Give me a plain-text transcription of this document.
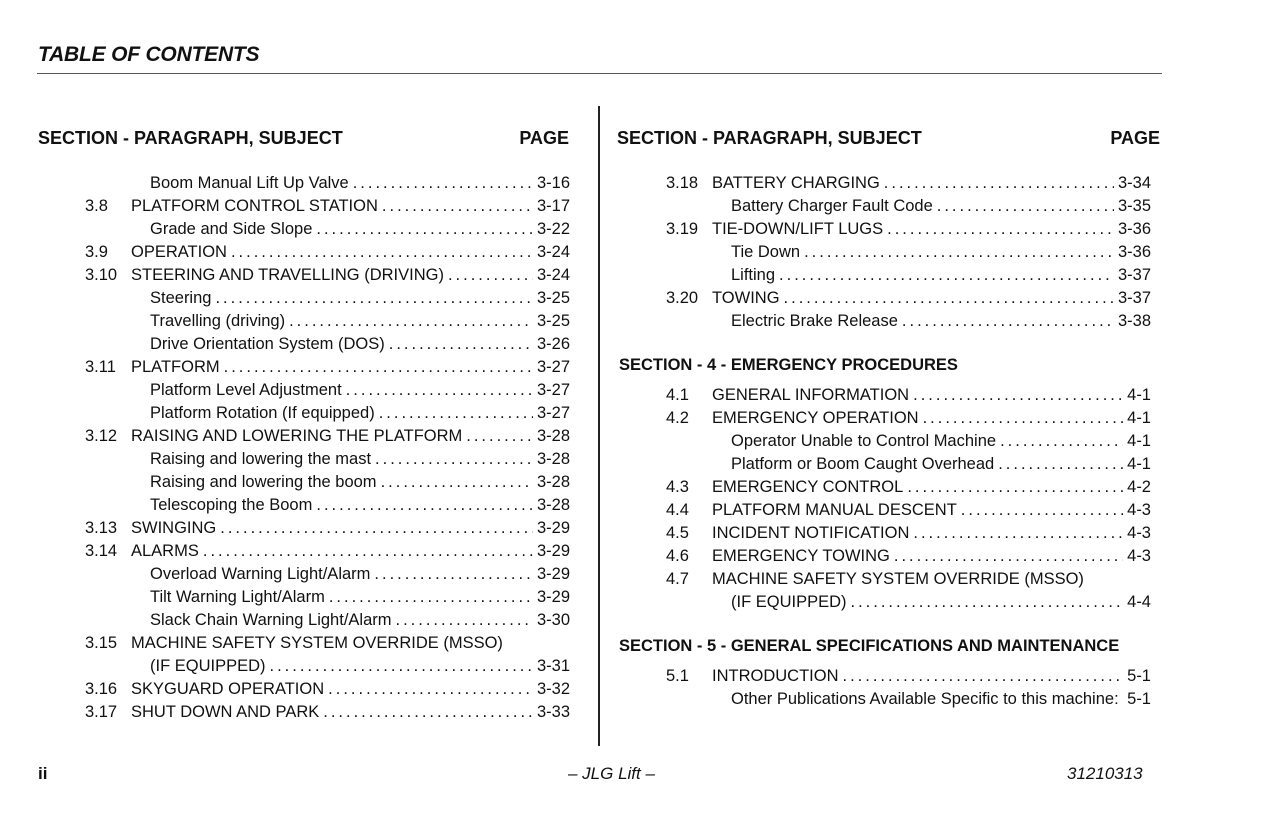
TABLE OF CONTENTS
SECTION - PARAGRAPH, SUBJECT	PAGE	SECTION - PARAGRAPH, SUBJECT	PAGE
Boom Manual Lift Up Valve .....	3-16
3.8 PLATFORM CONTROL STATION .....	3-17
Grade and Side Slope .....	3-22
3.9 OPERATION .....	3-24
3.10 STEERING AND TRAVELLING (DRIVING) .....	3-24
Steering .....	3-25
Travelling (driving) .....	3-25
Drive Orientation System (DOS) .....	3-26
3.11 PLATFORM .....	3-27
Platform Level Adjustment .....	3-27
Platform Rotation (If equipped) .....	3-27
3.12 RAISING AND LOWERING THE PLATFORM .....	3-28
Raising and lowering the mast .....	3-28
Raising and lowering the boom .....	3-28
Telescoping the Boom .....	3-28
3.13 SWINGING .....	3-29
3.14 ALARMS .....	3-29
Overload Warning Light/Alarm .....	3-29
Tilt Warning Light/Alarm .....	3-29
Slack Chain Warning Light/Alarm .....	3-30
3.15 MACHINE SAFETY SYSTEM OVERRIDE (MSSO)
(IF EQUIPPED) .....	3-31
3.16 SKYGUARD OPERATION .....	3-32
3.17 SHUT DOWN AND PARK .....	3-33
3.18 BATTERY CHARGING .....	3-34
Battery Charger Fault Code .....	3-35
3.19 TIE-DOWN/LIFT LUGS .....	3-36
Tie Down .....	3-36
Lifting .....	3-37
3.20 TOWING .....	3-37
Electric Brake Release .....	3-38
SECTION - 4 - EMERGENCY PROCEDURES
4.1 GENERAL INFORMATION .....	4-1
4.2 EMERGENCY OPERATION .....	4-1
Operator Unable to Control Machine .....	4-1
Platform or Boom Caught Overhead .....	4-1
4.3 EMERGENCY CONTROL .....	4-2
4.4 PLATFORM MANUAL DESCENT .....	4-3
4.5 INCIDENT NOTIFICATION .....	4-3
4.6 EMERGENCY TOWING .....	4-3
4.7 MACHINE SAFETY SYSTEM OVERRIDE (MSSO)
(IF EQUIPPED) .....	4-4
SECTION - 5 - GENERAL SPECIFICATIONS AND MAINTENANCE
5.1 INTRODUCTION .....	5-1
Other Publications Available Specific to this machine: ..... 5-1
ii	– JLG Lift –	31210313
